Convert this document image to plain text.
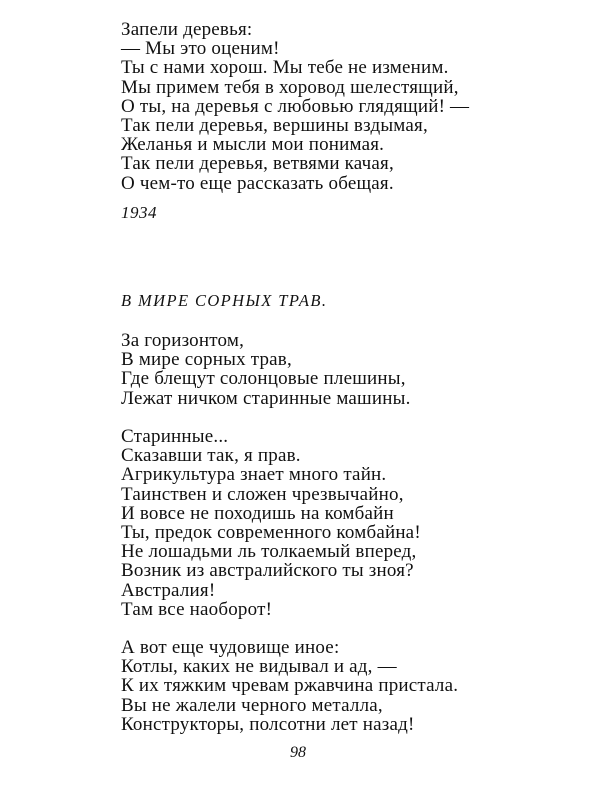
Запели деревья:
— Мы это оценим!
Ты с нами хорош. Мы тебе не изменим.
Мы примем тебя в хоровод шелестящий,
О ты, на деревья с любовью глядящий! —
Так пели деревья, вершины вздымая,
Желанья и мысли мои понимая.
Так пели деревья, ветвями качая,
О чем-то еще рассказать обещая.
1934
В МИРЕ СОРНЫХ ТРАВ.
За горизонтом,
В мире сорных трав,
Где блещут солонцовые плешины,
Лежат ничком старинные машины.
Старинные...
Сказавши так, я прав.
Агрикультура знает много тайн.
Таинствен и сложен чрезвычайно,
И вовсе не походишь на комбайн
Ты, предок современного комбайна!
Не лошадьми ль толкаемый вперед,
Возник из австралийского ты зноя?
Австралия!
Там все наоборот!
А вот еще чудовище иное:
Котлы, каких не видывал и ад, —
К их тяжким чревам ржавчина пристала.
Вы не жалели черного металла,
Конструкторы, полсотни лет назад!
98
